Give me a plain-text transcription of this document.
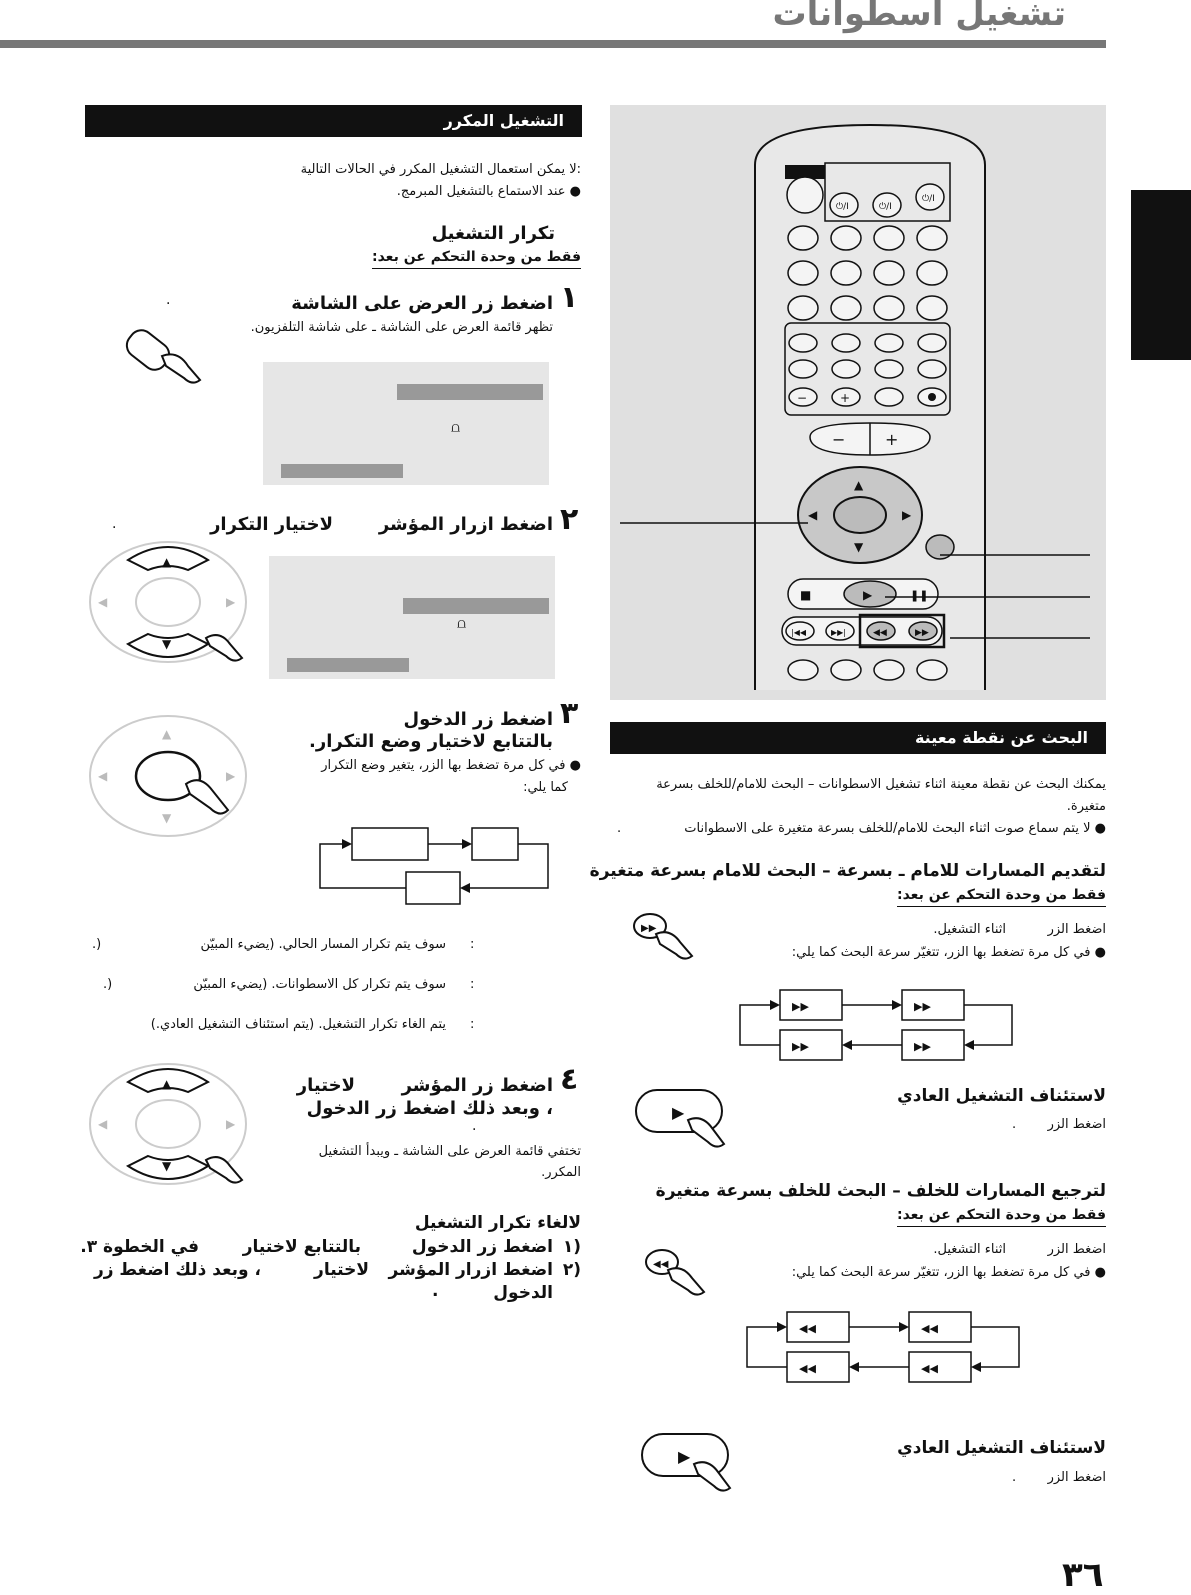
تشغيل اسطوانات
التشغيل المكرر
:لا يمكن استعمال التشغيل المكرر في الحالات التالية
● عند الاستماع بالتشغيل المبرمج.
تكرار التشغيل
فقط من وحدة التحكم عن بعد:
١
اضغط زر العرض على الشاشة
.
تظهر قائمة العرض على الشاشة ـ على شاشة التلفزيون.
⩍
٢
اضغط ازرار المؤشر
لاختيار التكرار
.
▲
▼
◀	▶
⩍
٣
اضغط زر الدخول
بالتتابع لاختيار وضع التكرار.
● في كل مرة تضغط بها الزر، يتغير وضع التكرار
كما يلي:
▲
▼
◀	▶
:
سوف يتم تكرار المسار الحالي. (يضيء المبيّن
.)
:
سوف يتم تكرار كل الاسطوانات. (يضيء المبيّن
.)
:
يتم الغاء تكرار التشغيل. (يتم استئناف التشغيل العادي.)
٤
اضغط زر المؤشر
لاختيار
، وبعد ذلك اضغط زر الدخول
.
تختفي قائمة العرض على الشاشة ـ ويبدأ التشغيل
المكرر.
▲
▼
◀	▶
لالغاء تكرار التشغيل
(١
اضغط زر الدخول
بالتتابع لاختيار
في الخطوة ٣.
(٢
اضغط ازرار المؤشر
لاختيار
، وبعد ذلك اضغط زر
الدخول
.
⏻/I	⏻/I
⏻/I
−	+
− +
▲
▼
◀	▶
■	▶	❚❚
|◀◀	▶▶|	◀◀	▶▶
البحث عن نقطة معينة
يمكنك البحث عن نقطة معينة اثناء تشغيل الاسطوانات – البحث للامام/للخلف بسرعة
متغيرة.
● لا يتم سماع صوت اثناء البحث للامام/للخلف بسرعة متغيرة على الاسطوانات
.
لتقديم المسارات للامام ـ بسرعة – البحث للامام بسرعة متغيرة
فقط من وحدة التحكم عن بعد:
اضغط الزر
اثناء التشغيل.
● في كل مرة تضغط بها الزر، تتغيّر سرعة البحث كما يلي:
▶▶
▶▶	▶▶
▶▶	▶▶
لاستئناف التشغيل العادي
اضغط الزر
.
▶
لترجيع المسارات للخلف – البحث للخلف بسرعة متغيرة
فقط من وحدة التحكم عن بعد:
اضغط الزر
اثناء التشغيل.
● في كل مرة تضغط بها الزر، تتغيّر سرعة البحث كما يلي:
◀◀
◀◀	◀◀
◀◀	◀◀
لاستئناف التشغيل العادي
اضغط الزر
.
▶
٣٦
